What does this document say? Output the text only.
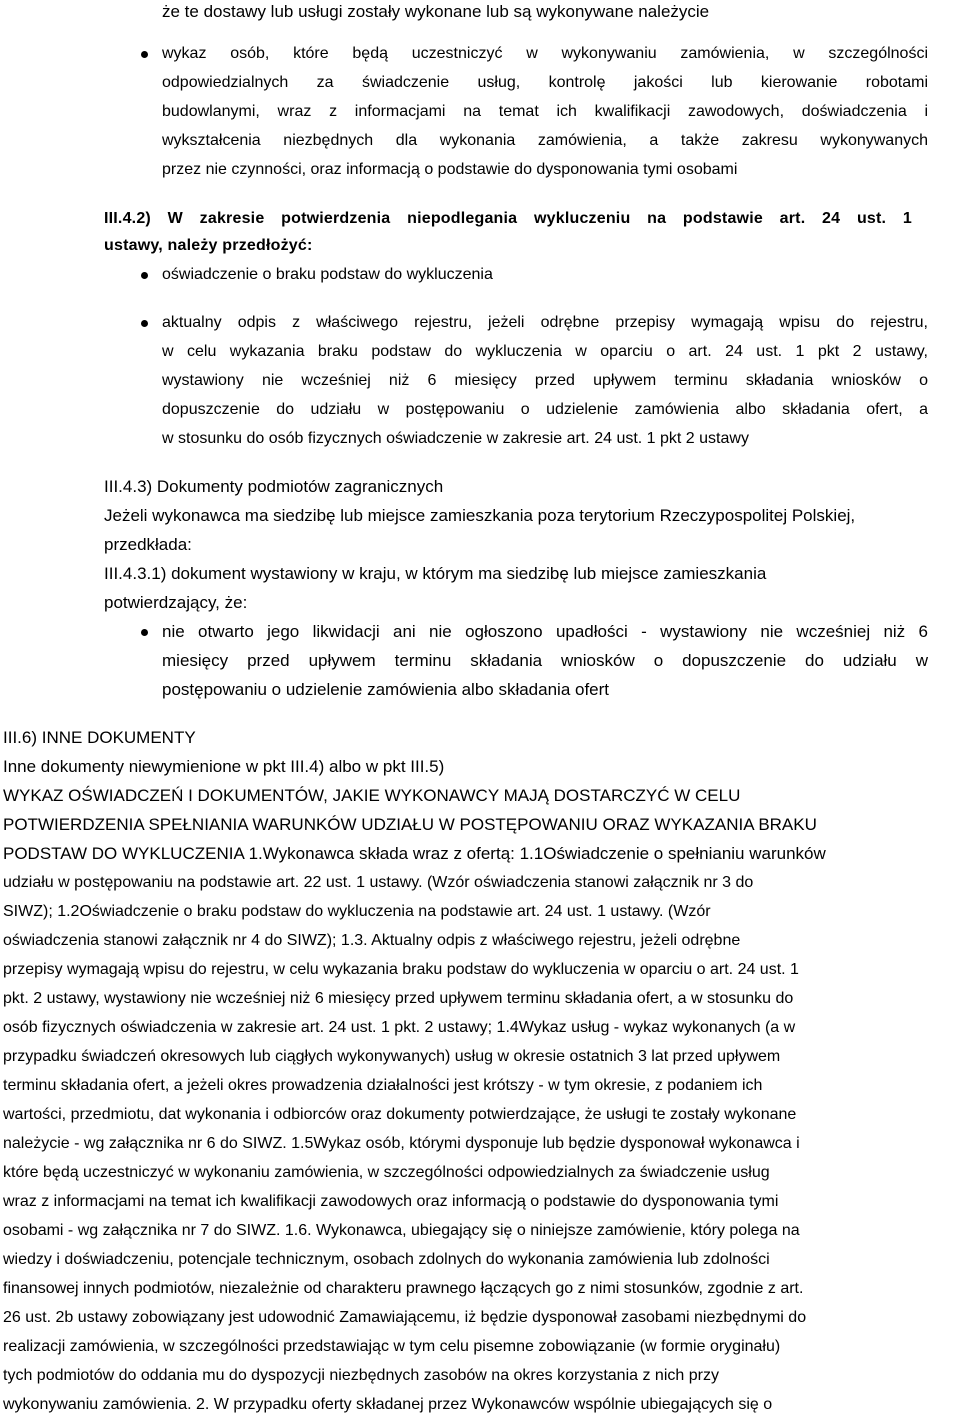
że te dostawy lub usługi zostały wykonane lub są wykonywane należycie
wykaz osób, które będą uczestniczyć w wykonywaniu zamówienia, w szczególności
odpowiedzialnych za świadczenie usług, kontrolę jakości lub kierowanie robotami
budowlanymi, wraz z informacjami na temat ich kwalifikacji zawodowych, doświadczenia i
wykształcenia niezbędnych dla wykonania zamówienia, a także zakresu wykonywanych
przez nie czynności, oraz informacją o podstawie do dysponowania tymi osobami
III.4.2) W zakresie potwierdzenia niepodlegania wykluczeniu na podstawie art. 24 ust. 1
ustawy, należy przedłożyć:
oświadczenie o braku podstaw do wykluczenia
aktualny odpis z właściwego rejestru, jeżeli odrębne przepisy wymagają wpisu do rejestru,
w celu wykazania braku podstaw do wykluczenia w oparciu o art. 24 ust. 1 pkt 2 ustawy,
wystawiony nie wcześniej niż 6 miesięcy przed upływem terminu składania wniosków o
dopuszczenie do udziału w postępowaniu o udzielenie zamówienia albo składania ofert, a
w stosunku do osób fizycznych oświadczenie w zakresie art. 24 ust. 1 pkt 2 ustawy
III.4.3) Dokumenty podmiotów zagranicznych
Jeżeli wykonawca ma siedzibę lub miejsce zamieszkania poza terytorium Rzeczypospolitej Polskiej,
przedkłada:
III.4.3.1) dokument wystawiony w kraju, w którym ma siedzibę lub miejsce zamieszkania
potwierdzający, że:
nie otwarto jego likwidacji ani nie ogłoszono upadłości - wystawiony nie wcześniej niż 6
miesięcy przed upływem terminu składania wniosków o dopuszczenie do udziału w
postępowaniu o udzielenie zamówienia albo składania ofert
III.6) INNE DOKUMENTY
Inne dokumenty niewymienione w pkt III.4) albo w pkt III.5)
WYKAZ OŚWIADCZEŃ I DOKUMENTÓW, JAKIE WYKONAWCY MAJĄ DOSTARCZYĆ W CELU
POTWIERDZENIA SPEŁNIANIA WARUNKÓW UDZIAŁU W POSTĘPOWANIU ORAZ WYKAZANIA BRAKU
PODSTAW DO WYKLUCZENIA 1.Wykonawca składa wraz z ofertą: 1.1Oświadczenie o spełnianiu warunków
udziału w postępowaniu na podstawie art. 22 ust. 1 ustawy. (Wzór oświadczenia stanowi załącznik nr 3 do
SIWZ); 1.2Oświadczenie o braku podstaw do wykluczenia na podstawie art. 24 ust. 1 ustawy. (Wzór
oświadczenia stanowi załącznik nr 4 do SIWZ); 1.3. Aktualny odpis z właściwego rejestru, jeżeli odrębne
przepisy wymagają wpisu do rejestru, w celu wykazania braku podstaw do wykluczenia w oparciu o art. 24 ust. 1
pkt. 2 ustawy, wystawiony nie wcześniej niż 6 miesięcy przed upływem terminu składania ofert, a w stosunku do
osób fizycznych oświadczenia w zakresie art. 24 ust. 1 pkt. 2 ustawy; 1.4Wykaz usług - wykaz wykonanych (a w
przypadku świadczeń okresowych lub ciągłych wykonywanych) usług w okresie ostatnich 3 lat przed upływem
terminu składania ofert, a jeżeli okres prowadzenia działalności jest krótszy - w tym okresie, z podaniem ich
wartości, przedmiotu, dat wykonania i odbiorców oraz dokumenty potwierdzające, że usługi te zostały wykonane
należycie - wg załącznika nr 6 do SIWZ. 1.5Wykaz osób, którymi dysponuje lub będzie dysponował wykonawca i
które będą uczestniczyć w wykonaniu zamówienia, w szczególności odpowiedzialnych za świadczenie usług
wraz z informacjami na temat ich kwalifikacji zawodowych oraz informacją o podstawie do dysponowania tymi
osobami - wg załącznika nr 7 do SIWZ. 1.6. Wykonawca, ubiegający się o niniejsze zamówienie, który polega na
wiedzy i doświadczeniu, potencjale technicznym, osobach zdolnych do wykonania zamówienia lub zdolności
finansowej innych podmiotów, niezależnie od charakteru prawnego łączących go z nimi stosunków, zgodnie z art.
26 ust. 2b ustawy zobowiązany jest udowodnić Zamawiającemu, iż będzie dysponował zasobami niezbędnymi do
realizacji zamówienia, w szczególności przedstawiając w tym celu pisemne zobowiązanie (w formie oryginału)
tych podmiotów do oddania mu do dyspozycji niezbędnych zasobów na okres korzystania z nich przy
wykonywaniu zamówienia. 2. W przypadku oferty składanej przez Wykonawców wspólnie ubiegających się o
